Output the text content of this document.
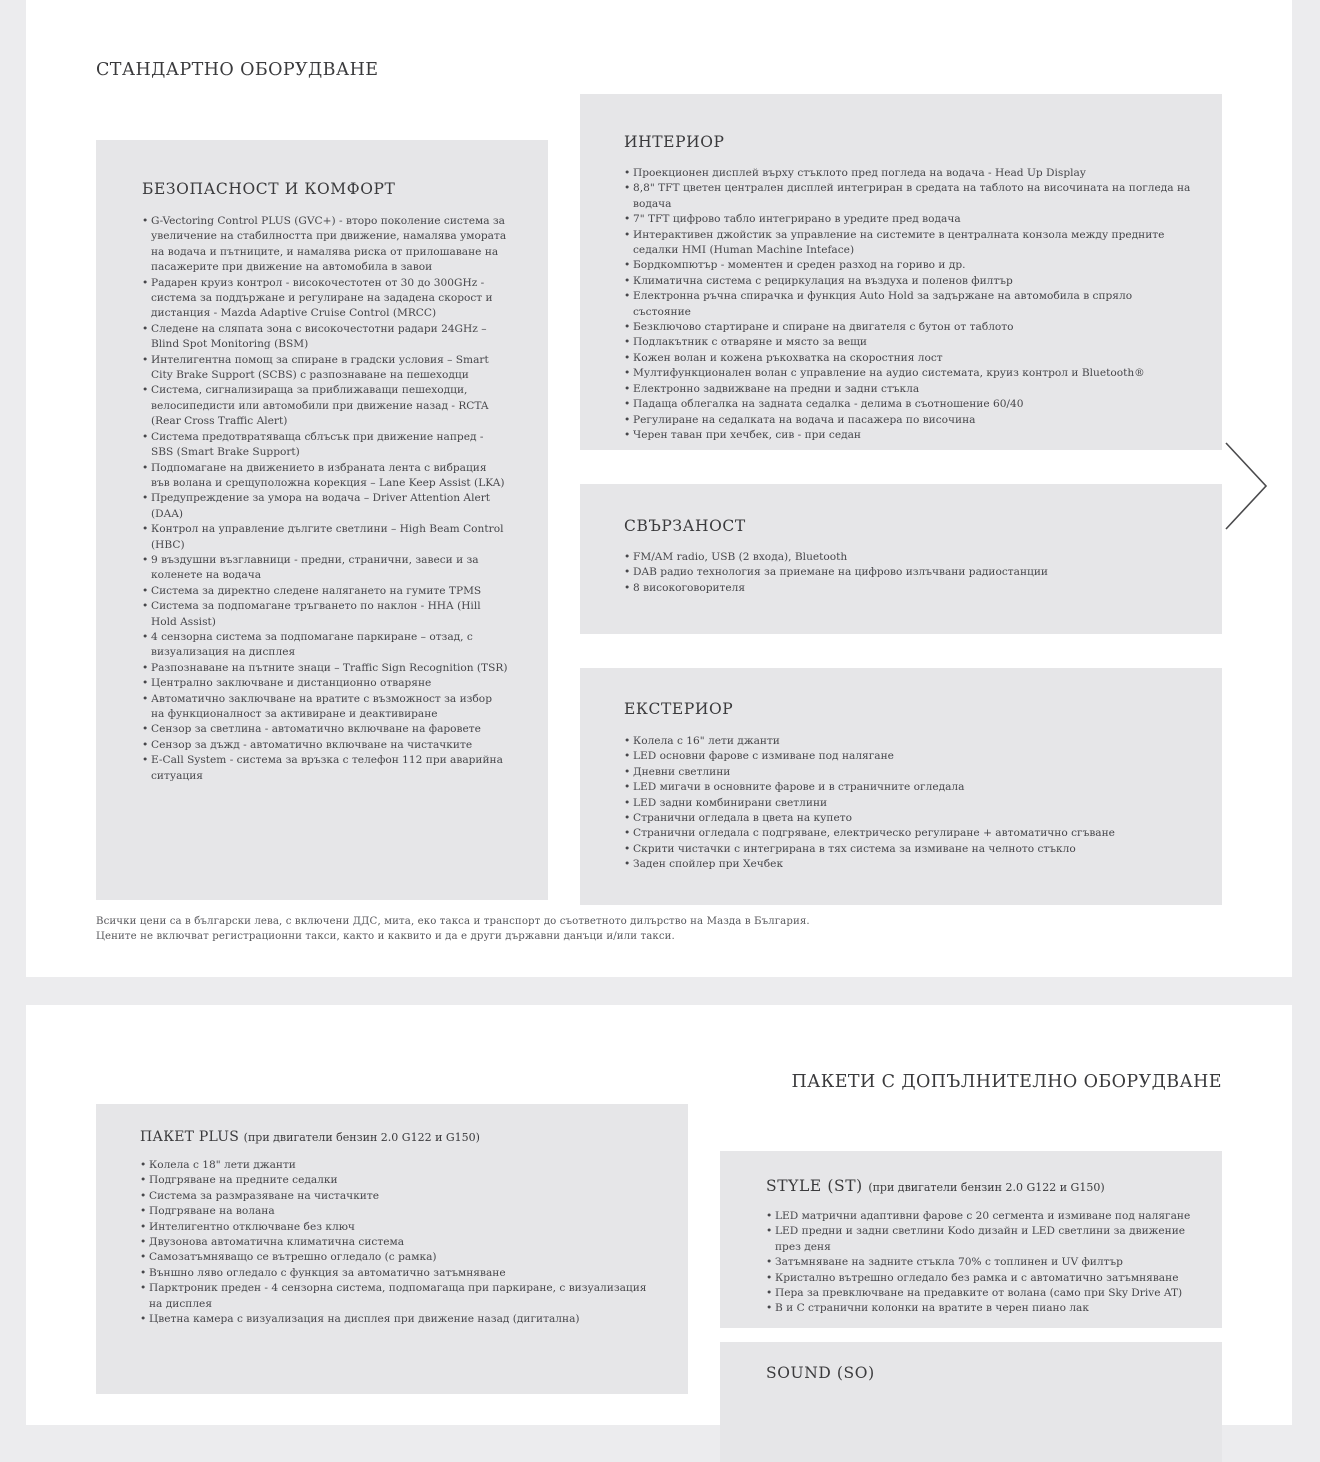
СТАНДАРТНО ОБОРУДВАНЕ
БЕЗОПАСНОСТ И КОМФОРТ
• G-Vectoring Control PLUS (GVC+) - второ поколение система за увеличение на стабилността при движение, намалява умората на водача и пътниците, и намалява риска от прилошаване на пасажерите при движение на автомобила в завои
• Радарен круиз контрол - високочестотен от 30 до 300GHz - система за поддържане и регулиране на зададена скорост и дистанция - Mazda Adaptive Cruise Control (MRCC)
• Следене на сляпата зона с високочестотни радари 24GHz – Blind Spot Monitoring (BSM)
• Интелигентна помощ за спиране в градски условия – Smart City Brake Support (SCBS) с разпознаване на пешеходци
• Система, сигнализираща за приближаващи пешеходци, велосипедисти или автомобили при движение назад - RCTA (Rear Cross Traffic Alert)
• Система предотвратяваща сблъсък при движение напред - SBS (Smart Brake Support)
• Подпомагане на движението в избраната лента с вибрация във волана и срещуположна корекция – Lane Keep Assist (LKA)
• Предупреждение за умора на водача – Driver Attention Alert (DAA)
• Контрол на управление дългите светлини – High Beam Control (HBC)
• 9 въздушни възглавници - предни, странични, завеси и за коленете на водача
• Система за директно следене налягането на гумите TPMS
• Система за подпомагане тръгването по наклон - HHA (Hill Hold Assist)
• 4 сензорна система за подпомагане паркиране – отзад, с визуализация на дисплея
• Разпознаване на пътните знаци – Traffic Sign Recognition (TSR)
• Централно заключване и дистанционно отваряне
• Автоматично заключване на вратите с възможност за избор на функционалност за активиране и деактивиране
• Сензор за светлина - автоматично включване на фаровете
• Сензор за дъжд - автоматично включване на чистачките
• E-Call System - система за връзка с телефон 112 при аварийна ситуация
ИНТЕРИОР
• Проекционен дисплей върху стъклото пред погледа на водача - Head Up Display
• 8,8" TFT цветен централен дисплей интегриран в средата на таблото на височината на погледа на водача
• 7" TFT цифрово табло интегрирано в уредите пред водача
• Интерактивен джойстик за управление на системите в централната конзола между предните седалки HMI (Human Machine Inteface)
• Бордкомпютър - моментен и среден разход на гориво и др.
• Климатична система с рециркулация на въздуха и поленов филтър
• Електронна ръчна спирачка и функция Auto Hold за задържане на автомобила в спряло състояние
• Безключово стартиране и спиране на двигателя с бутон от таблото
• Подлакътник с отваряне и място за вещи
• Кожен волан и кожена ръкохватка на скоростния лост
• Мултифункционален волан с управление на аудио системата, круиз контрол и Bluetooth®
• Електронно задвижване на предни и задни стъкла
• Падаща облегалка на задната седалка - делима в съотношение 60/40
• Регулиране на седалката на водача и пасажера по височина
• Черен таван при хечбек, сив - при седан
СВЪРЗАНОСТ
• FM/AM radio, USB (2 входа), Bluetooth
• DAB радио технология за приемане на цифрово излъчвани радиостанции
• 8 високоговорителя
ЕКСТЕРИОР
• Колела с 16" лети джанти
• LED основни фарове с измиване под налягане
• Дневни светлини
• LED мигачи в основните фарове и в страничните огледала
• LED задни комбинирани светлини
• Странични огледала в цвета на купето
• Странични огледала с подгряване, електрическо регулиране + автоматично сгъване
• Скрити чистачки с интегрирана в тях система за измиване на челното стъкло
• Заден спойлер при Хечбек

Всички цени са в български лева, с включени ДДС, мита, еко такса и транспорт до съответното дилърство на Мазда в България.
Цените не включват регистрационни такси, както и каквито и да е други държавни данъци и/или такси.

ПАКЕТИ С ДОПЪЛНИТЕЛНО ОБОРУДВАНЕ
ПАКЕТ PLUS (при двигатели бензин 2.0 G122 и G150)
• Колела с 18" лети джанти
• Подгряване на предните седалки
• Система за размразяване на чистачките
• Подгряване на волана
• Интелигентно отключване без ключ
• Двузонова автоматична климатична система
• Самозатъмняващо се вътрешно огледало (с рамка)
• Външно ляво огледало с функция за автоматично затъмняване
• Парктроник преден - 4 сензорна система, подпомагаща при паркиране, с визуализация на дисплея
• Цветна камера с визуализация на дисплея при движение назад (дигитална)
STYLE (ST) (при двигатели бензин 2.0 G122 и G150)
• LED матрични адаптивни фарове с 20 сегмента и измиване под налягане
• LED предни и задни светлини Kodo дизайн и LED светлини за движение през деня
• Затъмняване на задните стъкла 70% с топлинен и UV филтър
• Кристално вътрешно огледало без рамка и с автоматично затъмняване
• Пера за превключване на предавките от волана (само при Sky Drive AT)
• В и С странични колонки на вратите в черен пиано лак
SOUND (SO)
